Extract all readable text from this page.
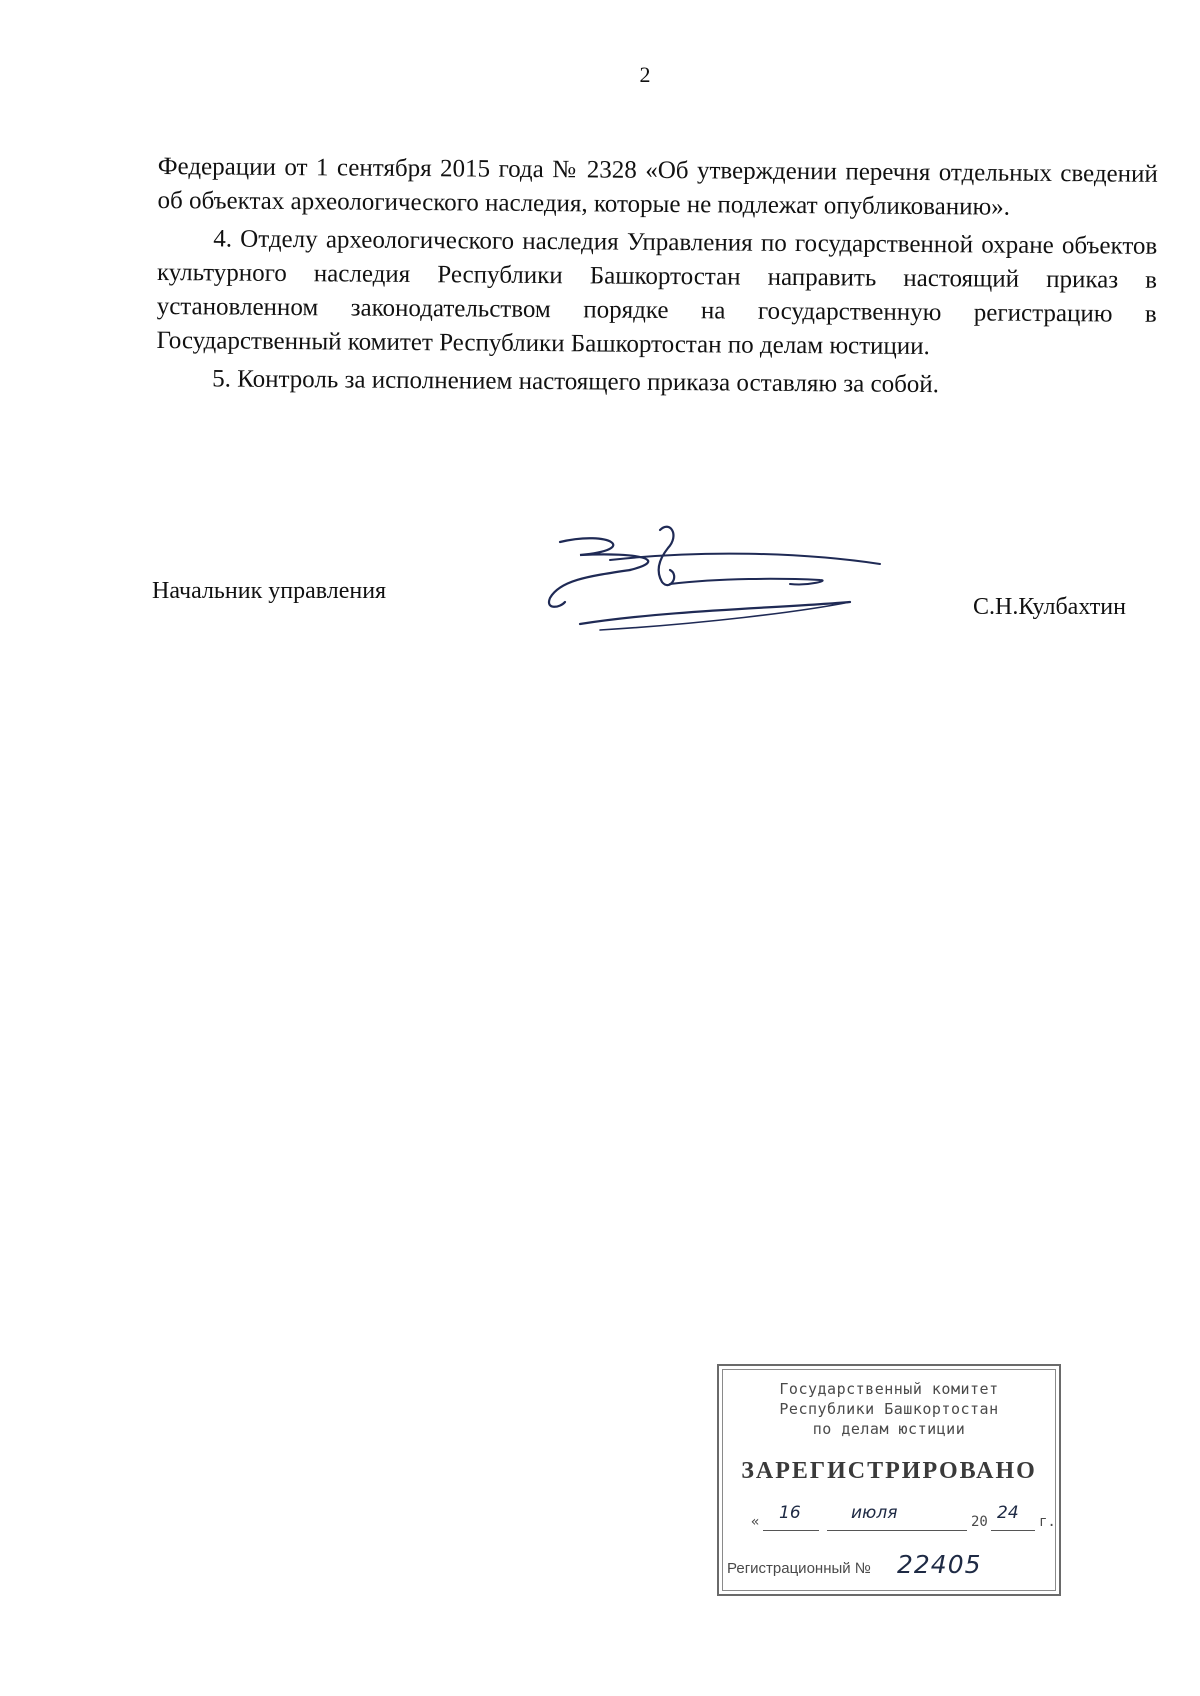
2

Федерации от 1 сентября 2015 года № 2328 «Об утверждении перечня отдельных сведений об объектах археологического наследия, которые не подлежат опубликованию».

4. Отделу археологического наследия Управления по государственной охране объектов культурного наследия Республики Башкортостан направить настоящий приказ в установленном законодательством порядке на государственную регистрацию в Государственный комитет Республики Башкортостан по делам юстиции.

5. Контроль за исполнением настоящего приказа оставляю за собой.

Начальник управления
С.Н.Кулбахтин
Государственный комитет
Республики Башкортостан
по делам юстиции
ЗАРЕГИСТРИРОВАНО
« 16	июля	20 24 г.
Регистрационный № 22405
